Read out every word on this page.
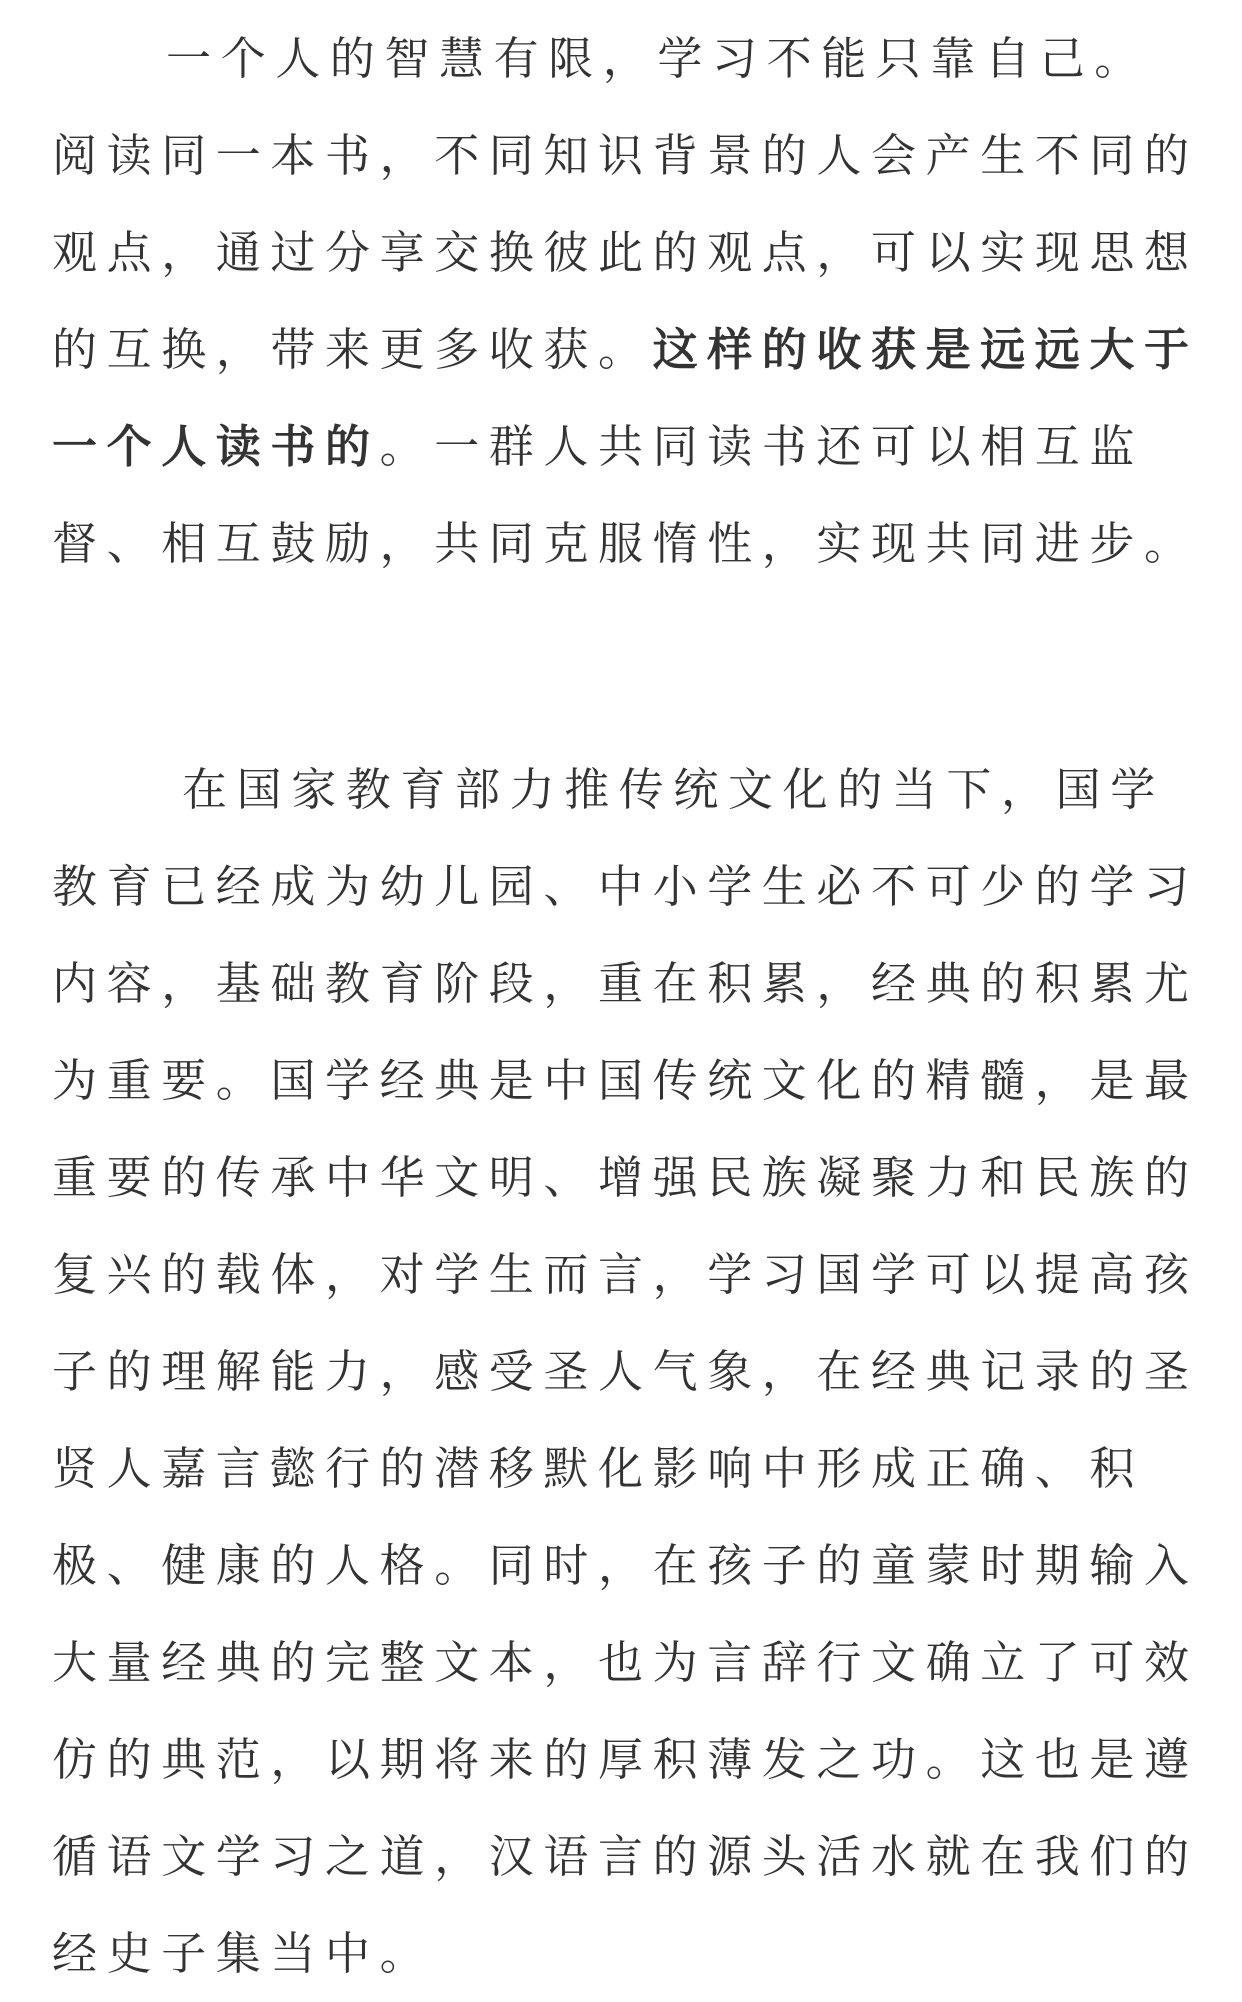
一个人的智慧有限，学习不能只靠自己。阅读同一本书，不同知识背景的人会产生不同的观点，通过分享交换彼此的观点，可以实现思想的互换，带来更多收获。这样的收获是远远大于一个人读书的。一群人共同读书还可以相互监督、相互鼓励，共同克服惰性，实现共同进步。

在国家教育部力推传统文化的当下，国学教育已经成为幼儿园、中小学生必不可少的学习内容，基础教育阶段，重在积累，经典的积累尤为重要。国学经典是中国传统文化的精髓，是最重要的传承中华文明、增强民族凝聚力和民族的复兴的载体，对学生而言，学习国学可以提高孩子的理解能力，感受圣人气象，在经典记录的圣贤人嘉言懿行的潜移默化影响中形成正确、积极、健康的人格。同时，在孩子的童蒙时期输入大量经典的完整文本，也为言辞行文确立了可效仿的典范，以期将来的厚积薄发之功。这也是遵循语文学习之道，汉语言的源头活水就在我们的经史子集当中。
